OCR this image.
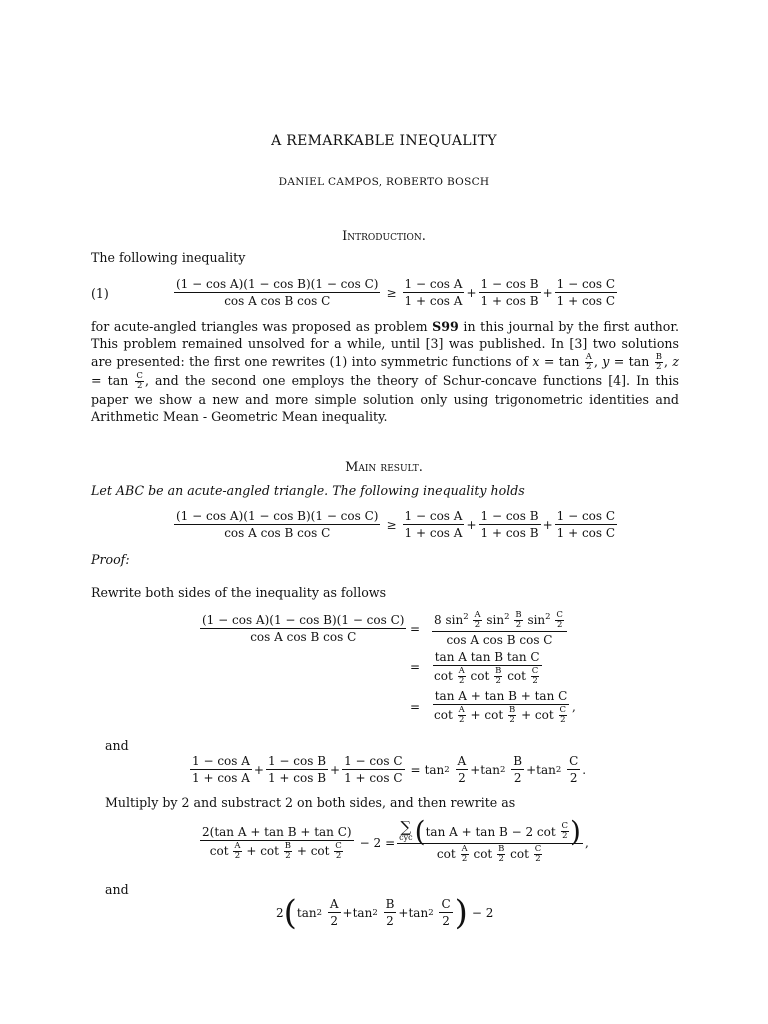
A REMARKABLE INEQUALITY
DANIEL CAMPOS, ROBERTO BOSCH
Introduction.
The following inequality
(1)	$\frac{\text{(1 − cos A)(1 − cos B)(1 − cos C)}}{\text{cos A cos B cos C}} \ge \frac{\text{1 − cos A}}{\text{1 + cos A}} + \frac{\text{1 − cos B}}{\text{1 + cos B}} + \frac{\text{1 − cos C}}{\text{1 + cos C}}$
for acute-angled triangles was proposed as problem S99 in this journal by the first author. This problem remained unsolved for a while, until [3] was published. In [3] two solutions are presented: the first one rewrites (1) into symmetric functions of $x = \tan \frac{A}{2}$ , $y = \tan \frac{B}{2}$ , $z = \tan \frac{C}{2}$ , and the second one employs the theory of Schur-concave functions [4]. In this paper we show a new and more simple solution only using trigonometric identities and Arithmetic Mean - Geometric Mean inequality.
Main result.
Let ABC be an acute-angled triangle. The following inequality holds
$\frac{\text{(1 − cos A)(1 − cos B)(1 − cos C)}}{\text{cos A cos B cos C}} \ge \frac{\text{1 − cos A}}{\text{1 + cos A}} + \frac{\text{1 − cos B}}{\text{1 + cos B}} + \frac{\text{1 − cos C}}{\text{1 + cos C}}$
Proof:
Rewrite both sides of the inequality as follows
$\frac{\text{(1 − cos A)(1 − cos B)(1 − cos C)}}{\text{cos A cos B cos C}} = \frac{8 \sin^2 \frac{A}{2} \sin^2 \frac{B}{2} \sin^2 \frac{C}{2}}{\text{cos A cos B cos C}}$
= $\frac{\text{tan A tan B tan C}}{\cot \frac{A}{2} \cot \frac{B}{2} \cot \frac{C}{2}}$
= $\frac{\text{tan A + tan B + tan C}}{\cot \frac{A}{2} + \cot \frac{B}{2} + \cot \frac{C}{2}}$ ,
and
$\frac{\text{1 − cos A}}{\text{1 + cos A}} + \frac{\text{1 − cos B}}{\text{1 + cos B}} + \frac{\text{1 − cos C}}{\text{1 + cos C}} = \tan 2$
$\frac{A}{2} + \tan 2$
$\frac{B}{2} + \tan 2$
$\frac{C}{2}$ .
Multiply by 2 and substract 2 on both sides, and then rewrite as
$\frac{\text{2(tan A + tan B + tan C)}}{\cot \frac{A}{2} + \cot \frac{B}{2} + \cot \frac{C}{2}} - 2$ = ∑
cyc ( tan A + tan B − 2 cot
C
2 )
$\cot \frac{A}{2}$ $\cot \frac{B}{2}$ $\cot \frac{C}{2}$ ,
and
2 ( tan 2
$\frac{A}{2} + \tan 2$
$\frac{B}{2} + \tan 2$
$\frac{C}{2}$ ) − 2
